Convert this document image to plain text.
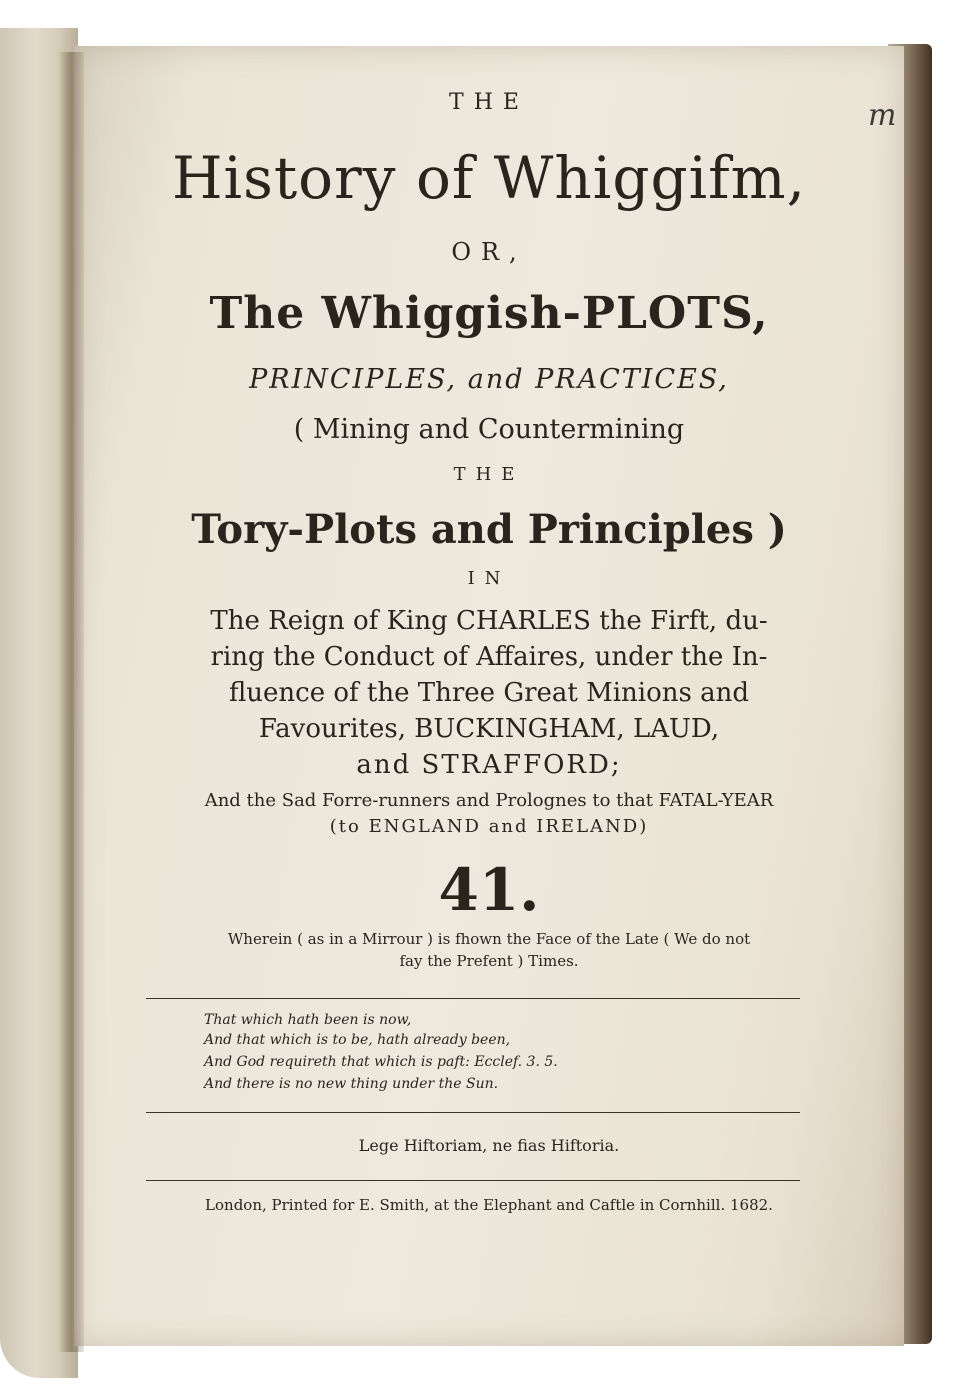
THE
History of Whiggifm,
OR,
The Whiggish-PLOTS,
PRINCIPLES, and PRACTICES,
( Mining and Countermining
THE
Tory-Plots and Principles )
IN
The Reign of King CHARLES the Firft, du-
ring the Conduct of Affaires, under the In-
fluence of the Three Great Minions and
Favourites, BUCKINGHAM, LAUD,
and STRAFFORD;
And the Sad Forre-runners and Prolognes to that FATAL-YEAR
(to ENGLAND and IRELAND)
41.
Wherein ( as in a Mirrour ) is fhown the Face of the Late ( We do not
fay the Prefent ) Times.
That which hath been is now,
And that which is to be, hath already been,
And God requireth that which is paft: Ecclef. 3. 5.
And there is no new thing under the Sun.
Lege Hiftoriam, ne fias Hiftoria.
London, Printed for E. Smith, at the Elephant and Caftle in Cornhill. 1682.
m
